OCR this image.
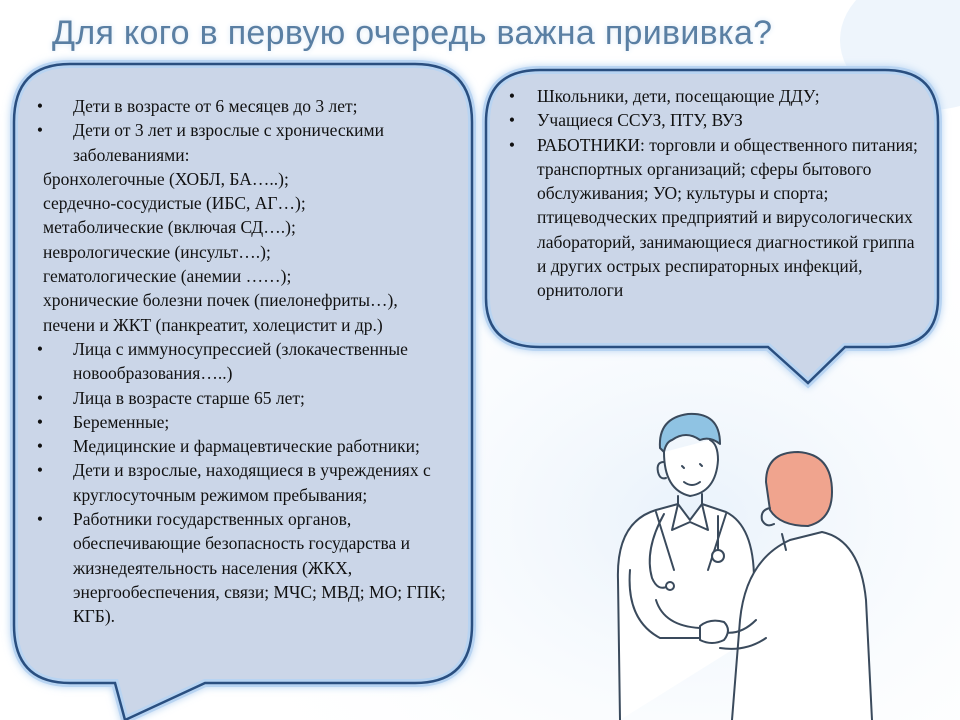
Для кого в первую очередь важна прививка?
• Дети в возрасте от 6 месяцев до 3 лет;
• Дети от 3 лет и взрослые с хроническими заболеваниями:
бронхолегочные (ХОБЛ, БА…..);
сердечно-сосудистые (ИБС, АГ…);
метаболические (включая СД….);
неврологические (инсульт….);
гематологические (анемии ……);
хронические болезни почек (пиелонефриты…),
печени и ЖКТ (панкреатит, холецистит и др.)
• Лица с иммуносупрессией (злокачественные новообразования…..)
• Лица в возрасте старше 65 лет;
• Беременные;
• Медицинские и фармацевтические работники;
• Дети и взрослые, находящиеся в учреждениях с круглосуточным режимом пребывания;
• Работники государственных органов, обеспечивающие безопасность государства и жизнедеятельность населения (ЖКХ, энергообеспечения, связи; МЧС; МВД; МО; ГПК; КГБ).
• Школьники, дети, посещающие ДДУ;
• Учащиеся ССУЗ, ПТУ, ВУЗ
• РАБОТНИКИ: торговли и общественного питания; транспортных организаций; сферы бытового обслуживания; УО; культуры и спорта; птицеводческих предприятий и вирусологических лабораторий, занимающиеся диагностикой гриппа и других острых респираторных инфекций, орнитологи
